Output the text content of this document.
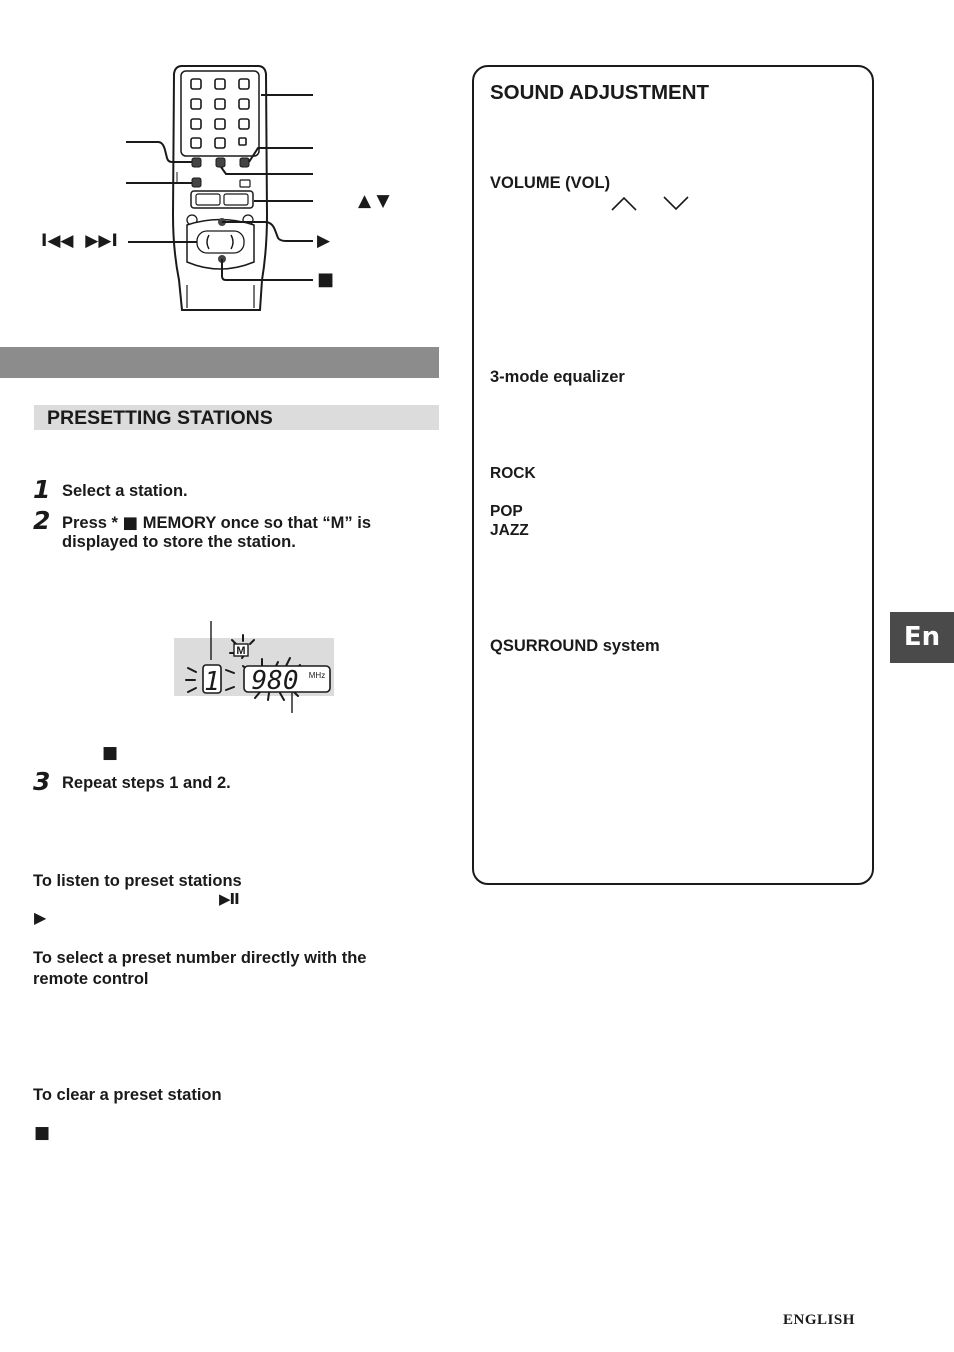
I◀◀  ▶▶I
▲ ▼
▶
■
PRESETTING STATIONS
1 Select a station.
2 Press * ■ MEMORY once so that “M” is
displayed to store the station.
M
1 980 MHz
■
3 Repeat steps 1 and 2.
To listen to preset stations
▶II
▶
To select a preset number directly with the
remote control
To clear a preset station
■
SOUND ADJUSTMENT
VOLUME (VOL)
3-mode equalizer
ROCK
POP
JAZZ
QSURROUND system	En
ENGLISH
